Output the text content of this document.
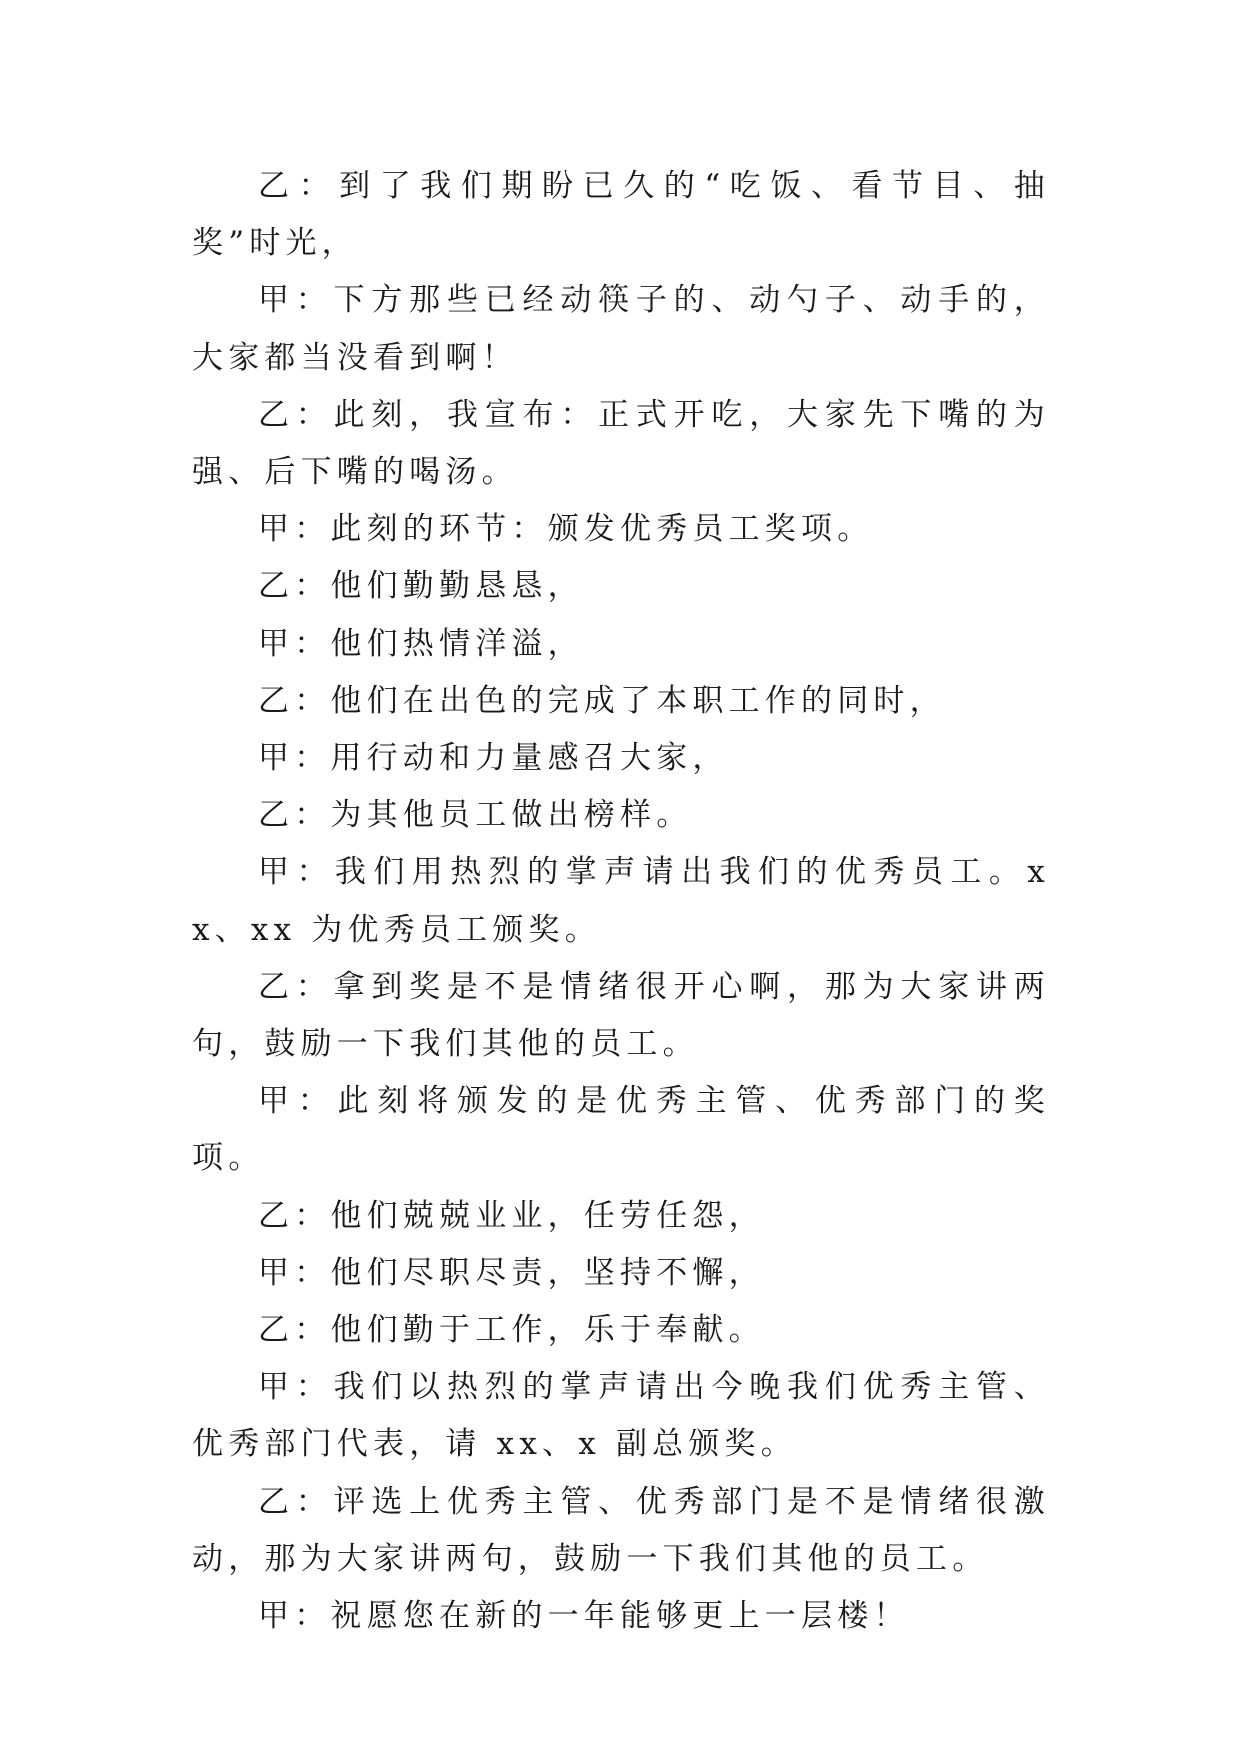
乙：到了我们期盼已久的“吃饭、看节目、抽奖”时光，

甲：下方那些已经动筷子的、动勺子、动手的，大家都当没看到啊！

乙：此刻，我宣布：正式开吃，大家先下嘴的为强、后下嘴的喝汤。

甲：此刻的环节：颁发优秀员工奖项。

乙：他们勤勤恳恳，

甲：他们热情洋溢，

乙：他们在出色的完成了本职工作的同时，

甲：用行动和力量感召大家，

乙：为其他员工做出榜样。

甲：我们用热烈的掌声请出我们的优秀员工。xx、xx 为优秀员工颁奖。

乙：拿到奖是不是情绪很开心啊，那为大家讲两句，鼓励一下我们其他的员工。

甲：此刻将颁发的是优秀主管、优秀部门的奖项。

乙：他们兢兢业业，任劳任怨，

甲：他们尽职尽责，坚持不懈，

乙：他们勤于工作，乐于奉献。

甲：我们以热烈的掌声请出今晚我们优秀主管、优秀部门代表，请 xx、x 副总颁奖。

乙：评选上优秀主管、优秀部门是不是情绪很激动，那为大家讲两句，鼓励一下我们其他的员工。

甲：祝愿您在新的一年能够更上一层楼！
